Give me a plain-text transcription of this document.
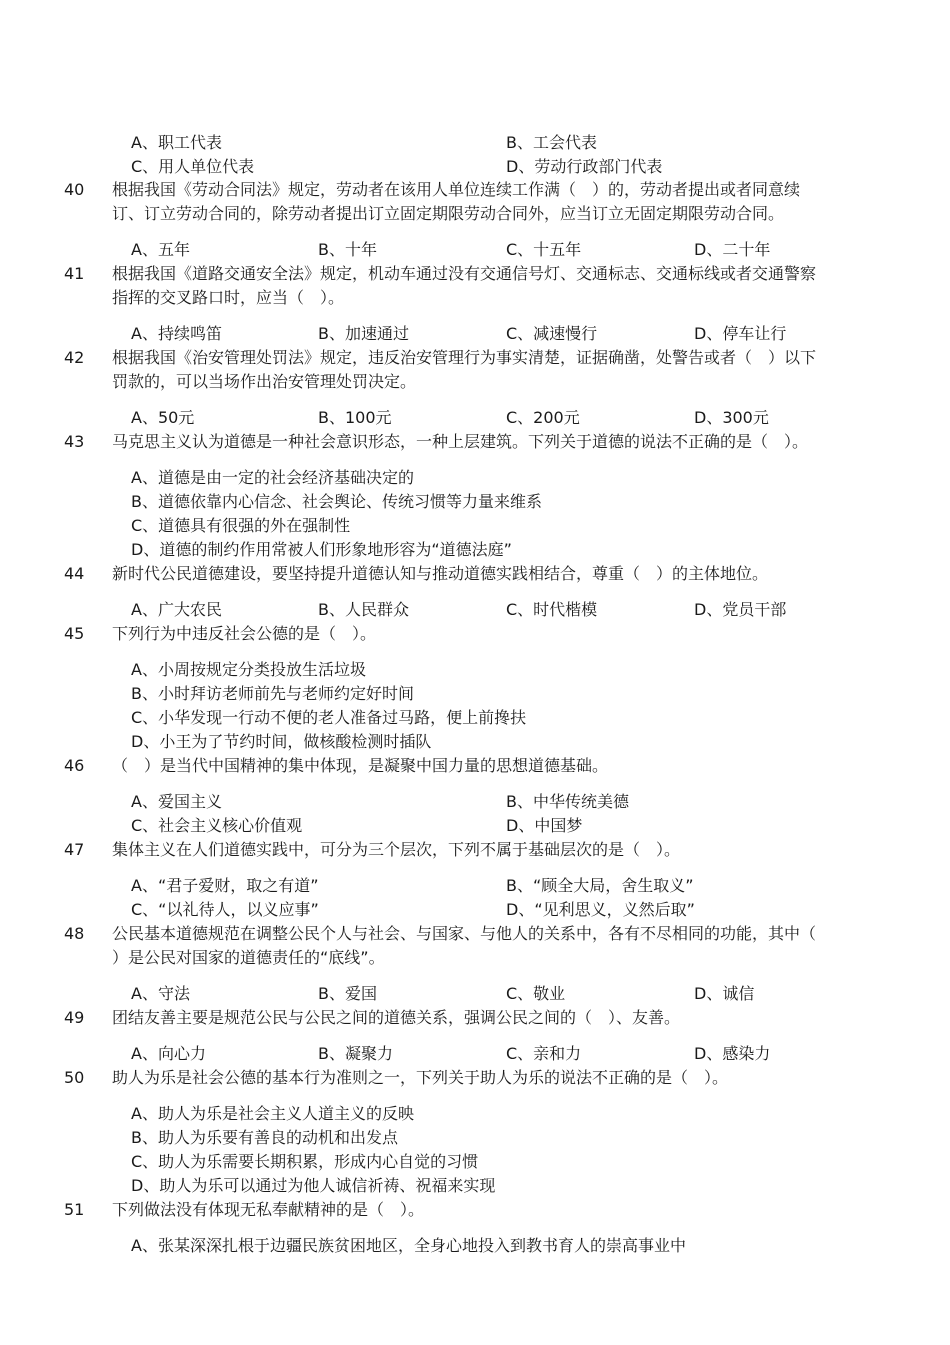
A、职工代表	B、工会代表
C、用人单位代表	D、劳动行政部门代表
40	根据我国《劳动合同法》规定，劳动者在该用人单位连续工作满（　）的，劳动者提出或者同意续
订、订立劳动合同的，除劳动者提出订立固定期限劳动合同外，应当订立无固定期限劳动合同。
A、五年	B、十年	C、十五年	D、二十年
41	根据我国《道路交通安全法》规定，机动车通过没有交通信号灯、交通标志、交通标线或者交通警察
指挥的交叉路口时，应当（　）。
A、持续鸣笛	B、加速通过	C、减速慢行	D、停车让行
42	根据我国《治安管理处罚法》规定，违反治安管理行为事实清楚，证据确凿，处警告或者（　）以下
罚款的，可以当场作出治安管理处罚决定。
A、50元	B、100元	C、200元	D、300元
43	马克思主义认为道德是一种社会意识形态，一种上层建筑。下列关于道德的说法不正确的是（　）。
A、道德是由一定的社会经济基础决定的
B、道德依靠内心信念、社会舆论、传统习惯等力量来维系
C、道德具有很强的外在强制性
D、道德的制约作用常被人们形象地形容为“道德法庭”
44	新时代公民道德建设，要坚持提升道德认知与推动道德实践相结合，尊重（　）的主体地位。
A、广大农民	B、人民群众	C、时代楷模	D、党员干部
45	下列行为中违反社会公德的是（　）。
A、小周按规定分类投放生活垃圾
B、小时拜访老师前先与老师约定好时间
C、小华发现一行动不便的老人准备过马路，便上前搀扶
D、小王为了节约时间，做核酸检测时插队
46	（　）是当代中国精神的集中体现，是凝聚中国力量的思想道德基础。
A、爱国主义	B、中华传统美德
C、社会主义核心价值观	D、中国梦
47	集体主义在人们道德实践中，可分为三个层次，下列不属于基础层次的是（　）。
A、“君子爱财，取之有道”	B、“顾全大局，舍生取义”
C、“以礼待人，以义应事”	D、“见利思义，义然后取”
48	公民基本道德规范在调整公民个人与社会、与国家、与他人的关系中，各有不尽相同的功能，其中（
）是公民对国家的道德责任的“底线”。
A、守法	B、爱国	C、敬业	D、诚信
49	团结友善主要是规范公民与公民之间的道德关系，强调公民之间的（　）、友善。
A、向心力	B、凝聚力	C、亲和力	D、感染力
50	助人为乐是社会公德的基本行为准则之一，下列关于助人为乐的说法不正确的是（　）。
A、助人为乐是社会主义人道主义的反映
B、助人为乐要有善良的动机和出发点
C、助人为乐需要长期积累，形成内心自觉的习惯
D、助人为乐可以通过为他人诚信祈祷、祝福来实现
51	下列做法没有体现无私奉献精神的是（　）。
A、张某深深扎根于边疆民族贫困地区，全身心地投入到教书育人的崇高事业中
